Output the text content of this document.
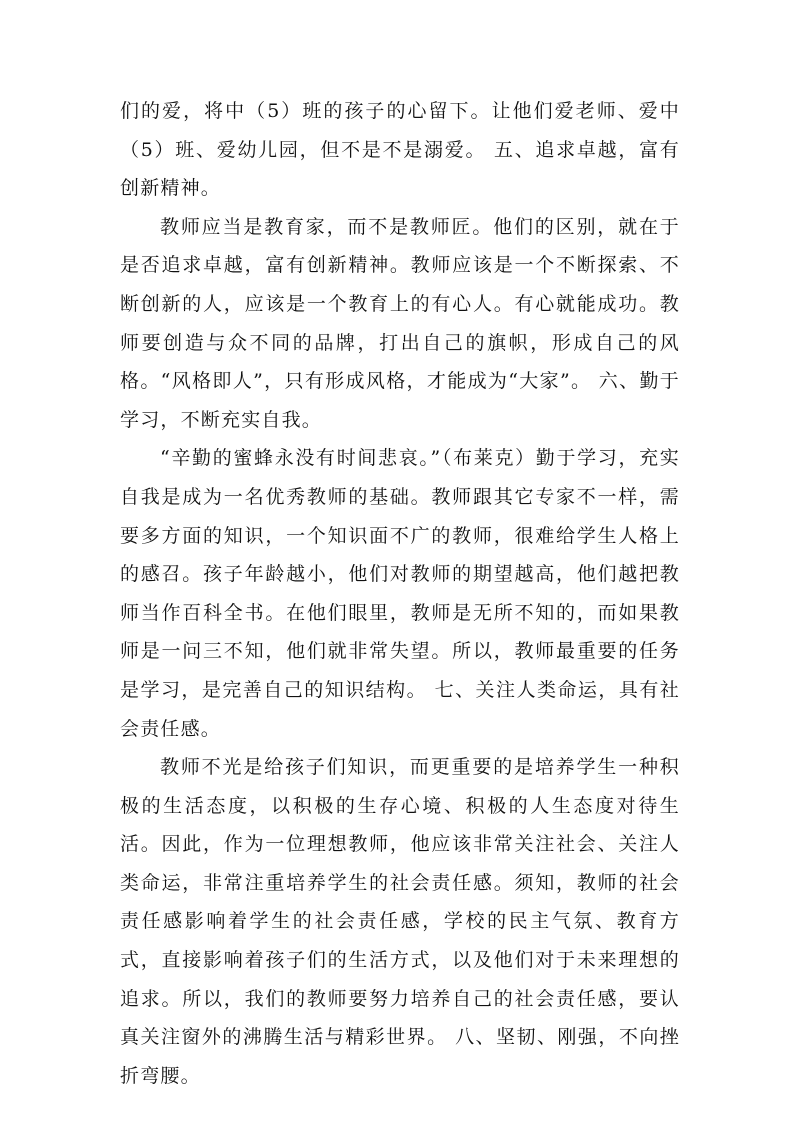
们的爱，将中（5）班的孩子的心留下。让他们爱老师、爱中（5）班、爱幼儿园，但不是不是溺爱。 五、追求卓越，富有创新精神。

教师应当是教育家，而不是教师匠。他们的区别，就在于是否追求卓越，富有创新精神。教师应该是一个不断探索、不断创新的人，应该是一个教育上的有心人。有心就能成功。教师要创造与众不同的品牌，打出自己的旗帜，形成自己的风格。“风格即人”，只有形成风格，才能成为“大家”。 六、勤于学习，不断充实自我。

“辛勤的蜜蜂永没有时间悲哀。”（布莱克）勤于学习，充实自我是成为一名优秀教师的基础。教师跟其它专家不一样，需要多方面的知识，一个知识面不广的教师，很难给学生人格上的感召。孩子年龄越小，他们对教师的期望越高，他们越把教师当作百科全书。在他们眼里，教师是无所不知的，而如果教师是一问三不知，他们就非常失望。所以，教师最重要的任务是学习，是完善自己的知识结构。 七、关注人类命运，具有社会责任感。

教师不光是给孩子们知识，而更重要的是培养学生一种积极的生活态度，以积极的生存心境、积极的人生态度对待生活。因此，作为一位理想教师，他应该非常关注社会、关注人类命运，非常注重培养学生的社会责任感。须知，教师的社会责任感影响着学生的社会责任感，学校的民主气氛、教育方式，直接影响着孩子们的生活方式，以及他们对于未来理想的追求。所以，我们的教师要努力培养自己的社会责任感，要认真关注窗外的沸腾生活与精彩世界。 八、坚韧、刚强，不向挫折弯腰。
